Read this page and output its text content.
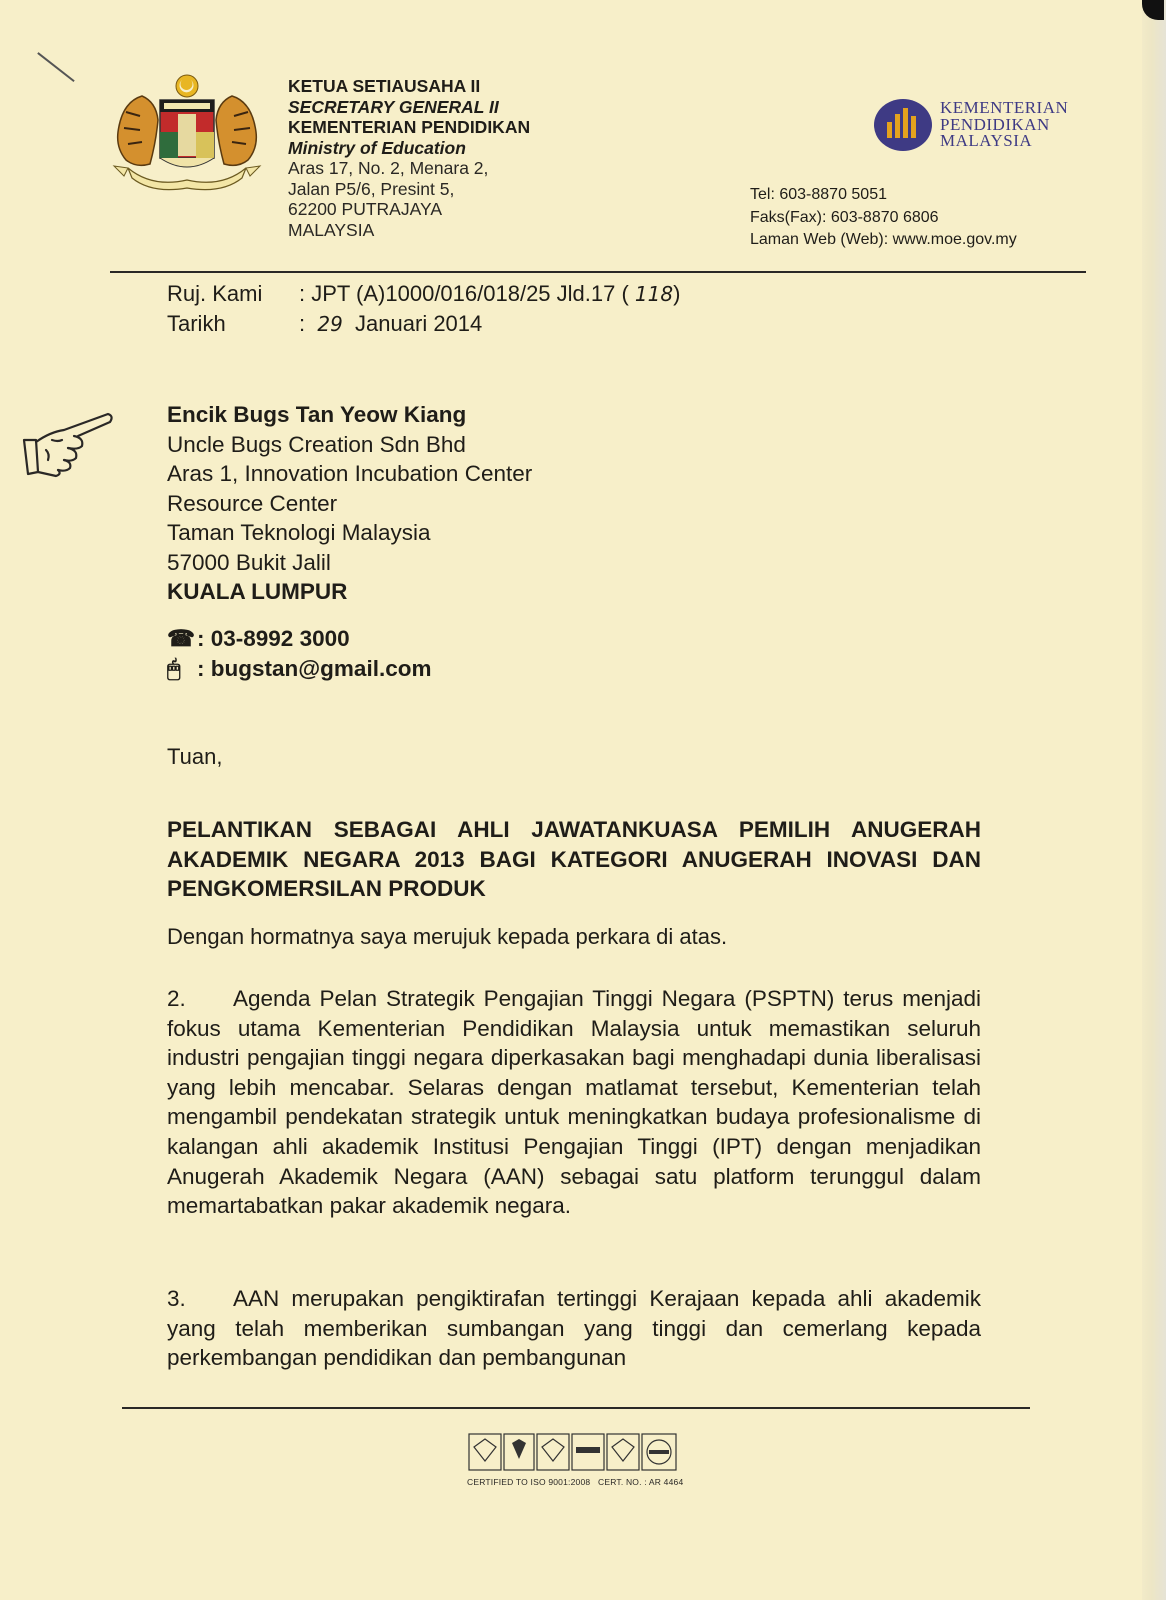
KETUA SETIAUSAHA II
SECRETARY GENERAL II
KEMENTERIAN PENDIDIKAN
Ministry of Education
Aras 17, No. 2, Menara 2,
Jalan P5/6, Presint 5,
62200 PUTRAJAYA
MALAYSIA
KEMENTERIAN
PENDIDIKAN
MALAYSIA
Tel: 603-8870 5051
Faks(Fax): 603-8870 6806
Laman Web (Web): www.moe.gov.my
Ruj. Kami : JPT (A)1000/016/018/25 Jld.17 ( 118)
Tarikh	: 29 Januari 2014
Encik Bugs Tan Yeow Kiang
Uncle Bugs Creation Sdn Bhd
Aras 1, Innovation Incubation Center
Resource Center
Taman Teknologi Malaysia
57000 Bukit Jalil
KUALA LUMPUR
☎: 03-8992 3000
🖱 : bugstan@gmail.com
Tuan,
PELANTIKAN SEBAGAI AHLI JAWATANKUASA PEMILIH ANUGERAH AKADEMIK NEGARA 2013 BAGI KATEGORI ANUGERAH INOVASI DAN PENGKOMERSILAN PRODUK
Dengan hormatnya saya merujuk kepada perkara di atas.
2. Agenda Pelan Strategik Pengajian Tinggi Negara (PSPTN) terus menjadi fokus utama Kementerian Pendidikan Malaysia untuk memastikan seluruh industri pengajian tinggi negara diperkasakan bagi menghadapi dunia liberalisasi yang lebih mencabar. Selaras dengan matlamat tersebut, Kementerian telah mengambil pendekatan strategik untuk meningkatkan budaya profesionalisme di kalangan ahli akademik Institusi Pengajian Tinggi (IPT) dengan menjadikan Anugerah Akademik Negara (AAN) sebagai satu platform terunggul dalam memartabatkan pakar akademik negara.
3. AAN merupakan pengiktirafan tertinggi Kerajaan kepada ahli akademik yang telah memberikan sumbangan yang tinggi dan cemerlang kepada perkembangan pendidikan dan pembangunan
CERTIFIED TO ISO 9001:2008 CERT. NO. : AR 4464
